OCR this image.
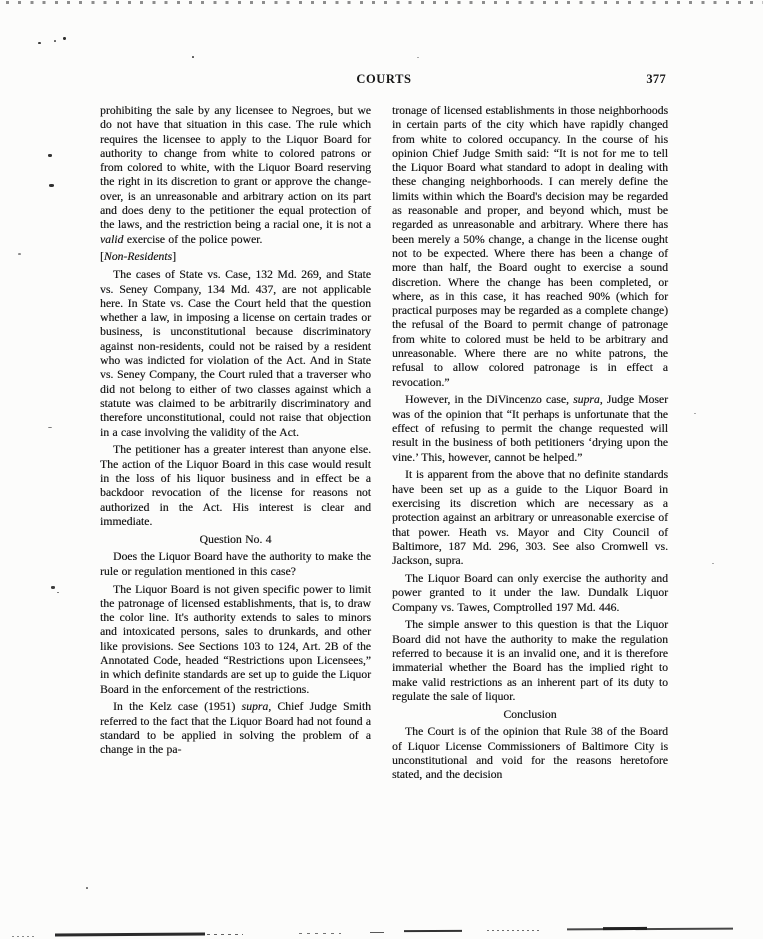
COURTS	377

prohibiting the sale by any licensee to Negroes, but we do not have that situation in this case. The rule which requires the licensee to apply to the Liquor Board for authority to change from white to colored patrons or from colored to white, with the Liquor Board reserving the right in its discretion to grant or approve the change-over, is an unreasonable and arbitrary action on its part and does deny to the petitioner the equal protection of the laws, and the restriction being a racial one, it is not a valid exercise of the police power.

[Non-Residents]

The cases of State vs. Case, 132 Md. 269, and State vs. Seney Company, 134 Md. 437, are not applicable here. In State vs. Case the Court held that the question whether a law, in imposing a license on certain trades or business, is unconstitutional because discriminatory against non-residents, could not be raised by a resident who was indicted for violation of the Act. And in State vs. Seney Company, the Court ruled that a traverser who did not belong to either of two classes against which a statute was claimed to be arbitrarily discriminatory and therefore unconstitutional, could not raise that objection in a case involving the validity of the Act.

The petitioner has a greater interest than anyone else. The action of the Liquor Board in this case would result in the loss of his liquor business and in effect be a backdoor revocation of the license for reasons not authorized in the Act. His interest is clear and immediate.

Question No. 4

Does the Liquor Board have the authority to make the rule or regulation mentioned in this case?

The Liquor Board is not given specific power to limit the patronage of licensed establishments, that is, to draw the color line. It's authority extends to sales to minors and intoxicated persons, sales to drunkards, and other like provisions. See Sections 103 to 124, Art. 2B of the Annotated Code, headed “Restrictions upon Licensees,” in which definite standards are set up to guide the Liquor Board in the enforcement of the restrictions.

In the Kelz case (1951) supra, Chief Judge Smith referred to the fact that the Liquor Board had not found a standard to be applied in solving the problem of a change in the pa-

tronage of licensed establishments in those neighborhoods in certain parts of the city which have rapidly changed from white to colored occupancy. In the course of his opinion Chief Judge Smith said: “It is not for me to tell the Liquor Board what standard to adopt in dealing with these changing neighborhoods. I can merely define the limits within which the Board's decision may be regarded as reasonable and proper, and beyond which, must be regarded as unreasonable and arbitrary. Where there has been merely a 50% change, a change in the license ought not to be expected. Where there has been a change of more than half, the Board ought to exercise a sound discretion. Where the change has been completed, or where, as in this case, it has reached 90% (which for practical purposes may be regarded as a complete change) the refusal of the Board to permit change of patronage from white to colored must be held to be arbitrary and unreasonable. Where there are no white patrons, the refusal to allow colored patronage is in effect a revocation.”

However, in the DiVincenzo case, supra, Judge Moser was of the opinion that “It perhaps is unfortunate that the effect of refusing to permit the change requested will result in the business of both petitioners ‘drying upon the vine.’ This, however, cannot be helped.”

It is apparent from the above that no definite standards have been set up as a guide to the Liquor Board in exercising its discretion which are necessary as a protection against an arbitrary or unreasonable exercise of that power. Heath vs. Mayor and City Council of Baltimore, 187 Md. 296, 303. See also Cromwell vs. Jackson, supra.

The Liquor Board can only exercise the authority and power granted to it under the law. Dundalk Liquor Company vs. Tawes, Comptrolled 197 Md. 446.

The simple answer to this question is that the Liquor Board did not have the authority to make the regulation referred to because it is an invalid one, and it is therefore immaterial whether the Board has the implied right to make valid restrictions as an inherent part of its duty to regulate the sale of liquor.

Conclusion

The Court is of the opinion that Rule 38 of the Board of Liquor License Commissioners of Baltimore City is unconstitutional and void for the reasons heretofore stated, and the decision
